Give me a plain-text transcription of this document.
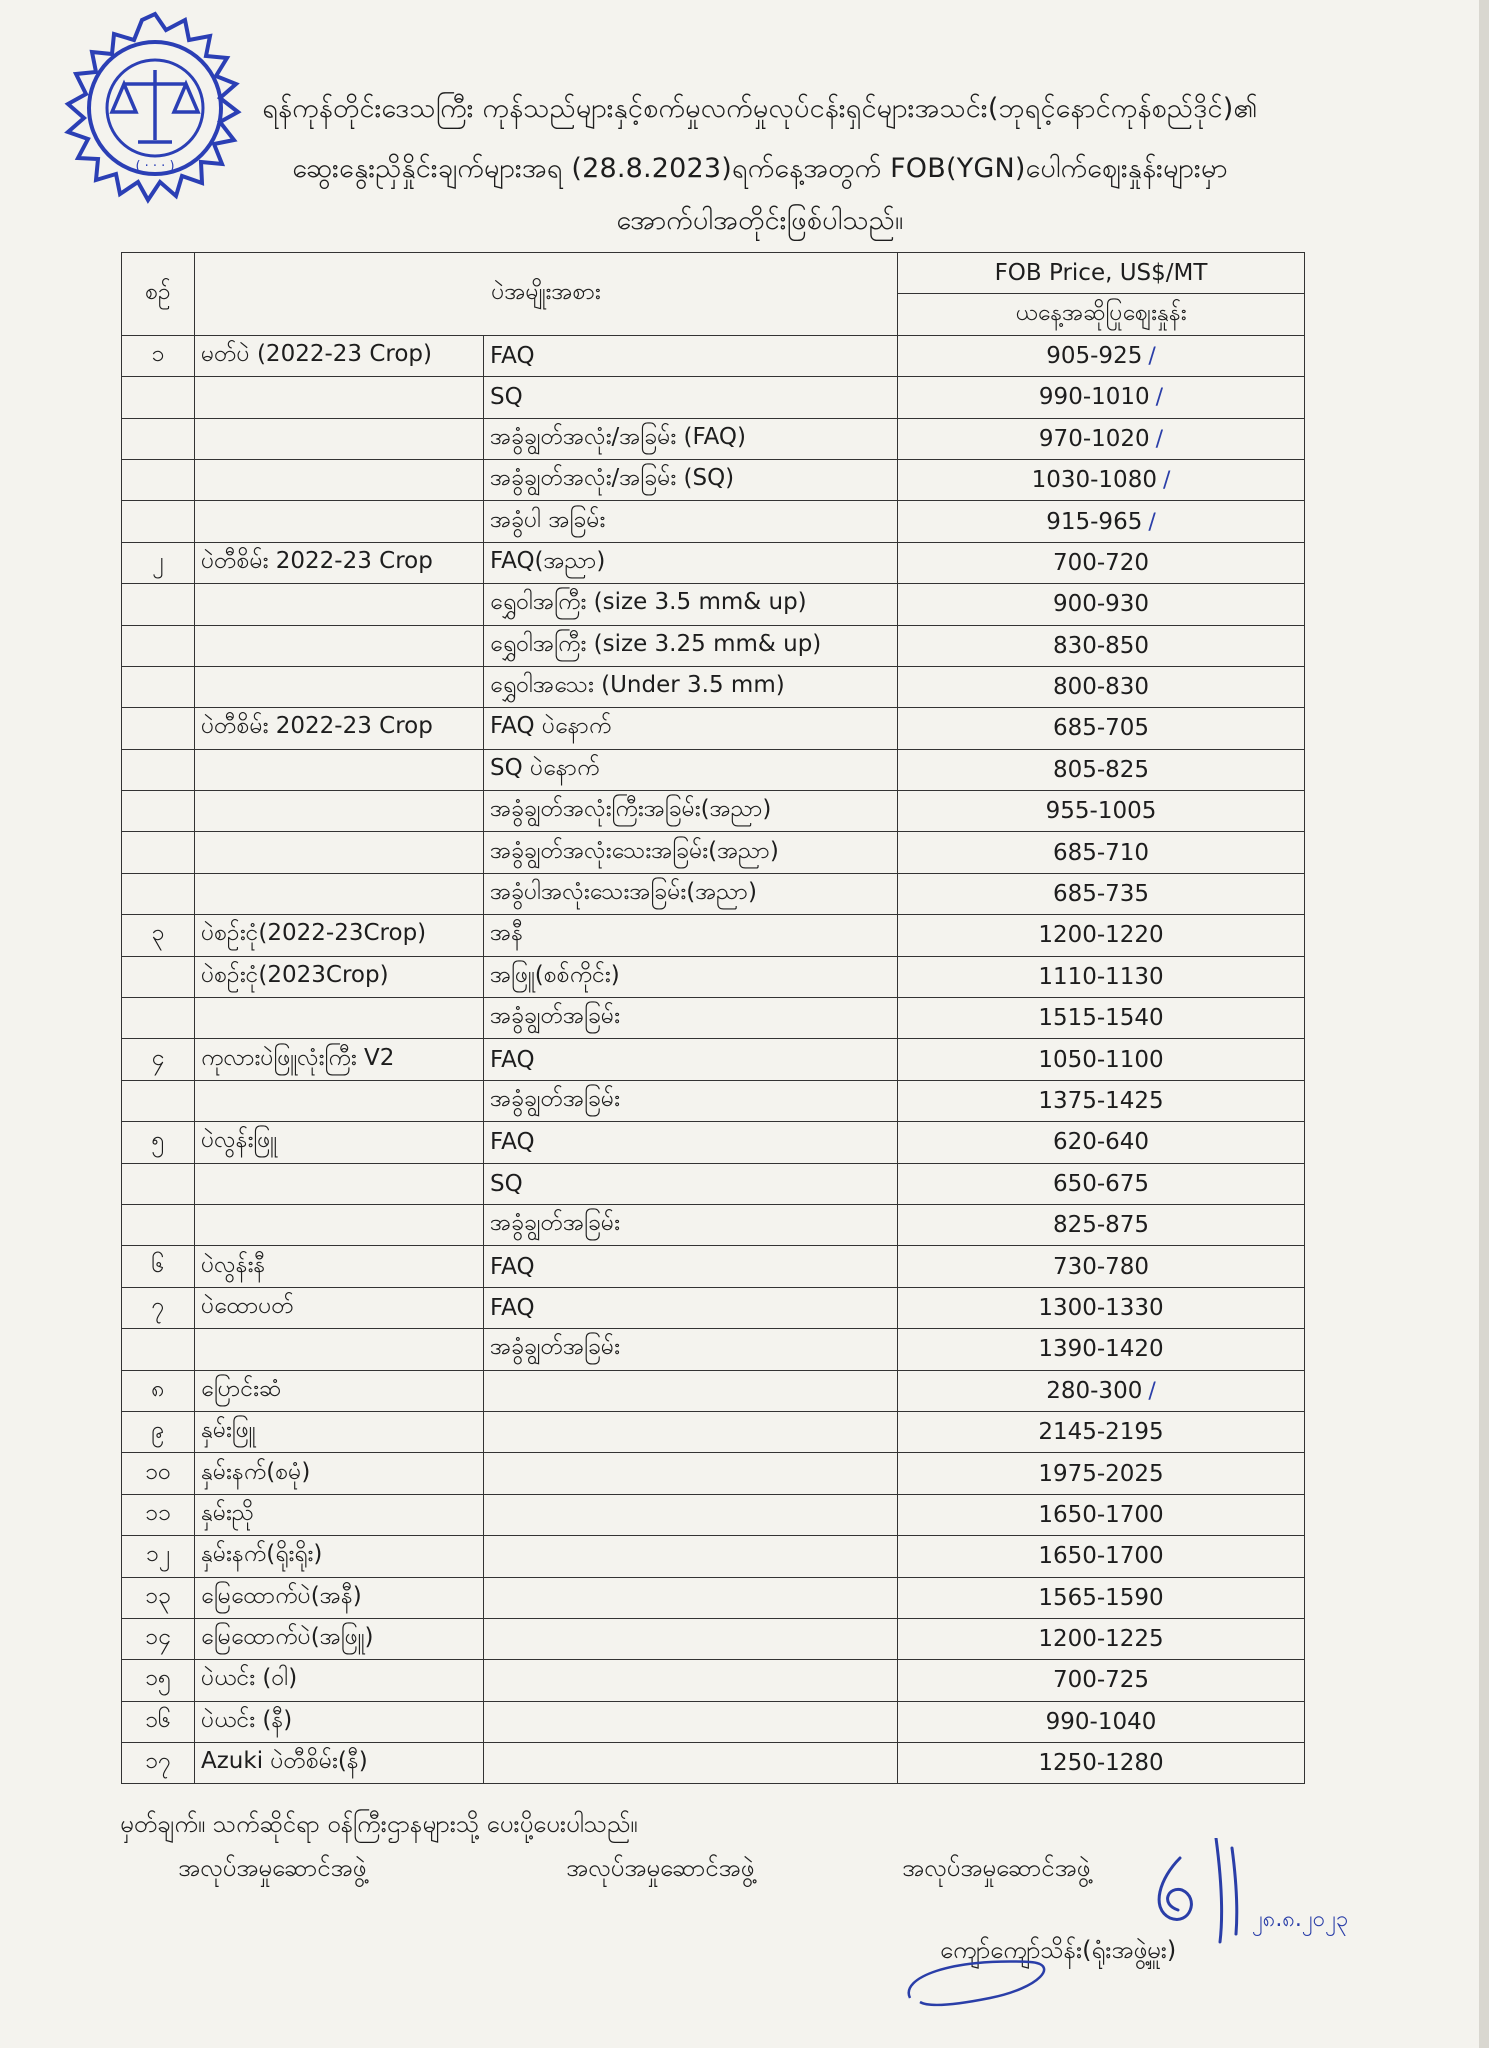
( · · · )
ရန်ကုန်တိုင်းဒေသကြီး ကုန်သည်များနှင့်စက်မှုလက်မှုလုပ်ငန်းရှင်များအသင်း(ဘုရင့်နောင်ကုန်စည်ဒိုင်)၏
ဆွေးနွေးညှိနှိုင်းချက်များအရ (28.8.2023)ရက်နေ့အတွက် FOB(YGN)ပေါက်ဈေးနှုန်းများမှာ
အောက်ပါအတိုင်းဖြစ်ပါသည်။
စဉ်	ပဲအမျိုးအစား		FOB Price, US$/MT
			ယနေ့အဆိုပြုဈေးနှုန်း
၁	မတ်ပဲ (2022-23 Crop)	FAQ	905-925 /
		SQ	990-1010 /
		အခွံချွတ်အလုံး/အခြမ်း (FAQ)	970-1020 /
		အခွံချွတ်အလုံး/အခြမ်း (SQ)	1030-1080 /
		အခွံပါ အခြမ်း	915-965 /
၂	ပဲတီစိမ်း 2022-23 Crop	FAQ(အညာ)	700-720
		ရွှေဝါအကြီး (size 3.5 mm& up)	900-930
		ရွှေဝါအကြီး (size 3.25 mm& up)	830-850
		ရွှေဝါအသေး (Under 3.5 mm)	800-830
	ပဲတီစိမ်း 2022-23 Crop	FAQ ပဲနောက်	685-705
		SQ ပဲနောက်	805-825
		အခွံချွတ်အလုံးကြီးအခြမ်း(အညာ)	955-1005
		အခွံချွတ်အလုံးသေးအခြမ်း(အညာ)	685-710
		အခွံပါအလုံးသေးအခြမ်း(အညာ)	685-735
၃	ပဲစဉ်းငုံ(2022-23Crop)	အနီ	1200-1220
	ပဲစဉ်းငုံ(2023Crop)	အဖြူ(စစ်ကိုင်း)	1110-1130
		အခွံချွတ်အခြမ်း	1515-1540
၄	ကုလားပဲဖြူလုံးကြီး V2	FAQ	1050-1100
		အခွံချွတ်အခြမ်း	1375-1425
၅	ပဲလွန်းဖြူ	FAQ	620-640
		SQ	650-675
		အခွံချွတ်အခြမ်း	825-875
၆	ပဲလွန်းနီ	FAQ	730-780
၇	ပဲထောပတ်	FAQ	1300-1330
		အခွံချွတ်အခြမ်း	1390-1420
၈	ပြောင်းဆံ		280-300 /
၉	နှမ်းဖြူ		2145-2195
၁၀	နှမ်းနက်(စမုံ)		1975-2025
၁၁	နှမ်းညို		1650-1700
၁၂	နှမ်းနက်(ရိုးရိုး)		1650-1700
၁၃	မြေထောက်ပဲ(အနီ)		1565-1590
၁၄	မြေထောက်ပဲ(အဖြူ)		1200-1225
၁၅	ပဲယင်း (ဝါ)		700-725
၁၆	ပဲယင်း (နီ)		990-1040
၁၇	Azuki ပဲတီစိမ်း(နီ)		1250-1280
မှတ်ချက်။ သက်ဆိုင်ရာ ဝန်ကြီးဌာနများသို့ ပေးပို့ပေးပါသည်။
အလုပ်အမှုဆောင်အဖွဲ့	အလုပ်အမှုဆောင်အဖွဲ့	အလုပ်အမှုဆောင်အဖွဲ့
၂၈.၈.၂၀၂၃
ကျော်ကျော်သိန်း(ရုံးအဖွဲ့မှူး)
